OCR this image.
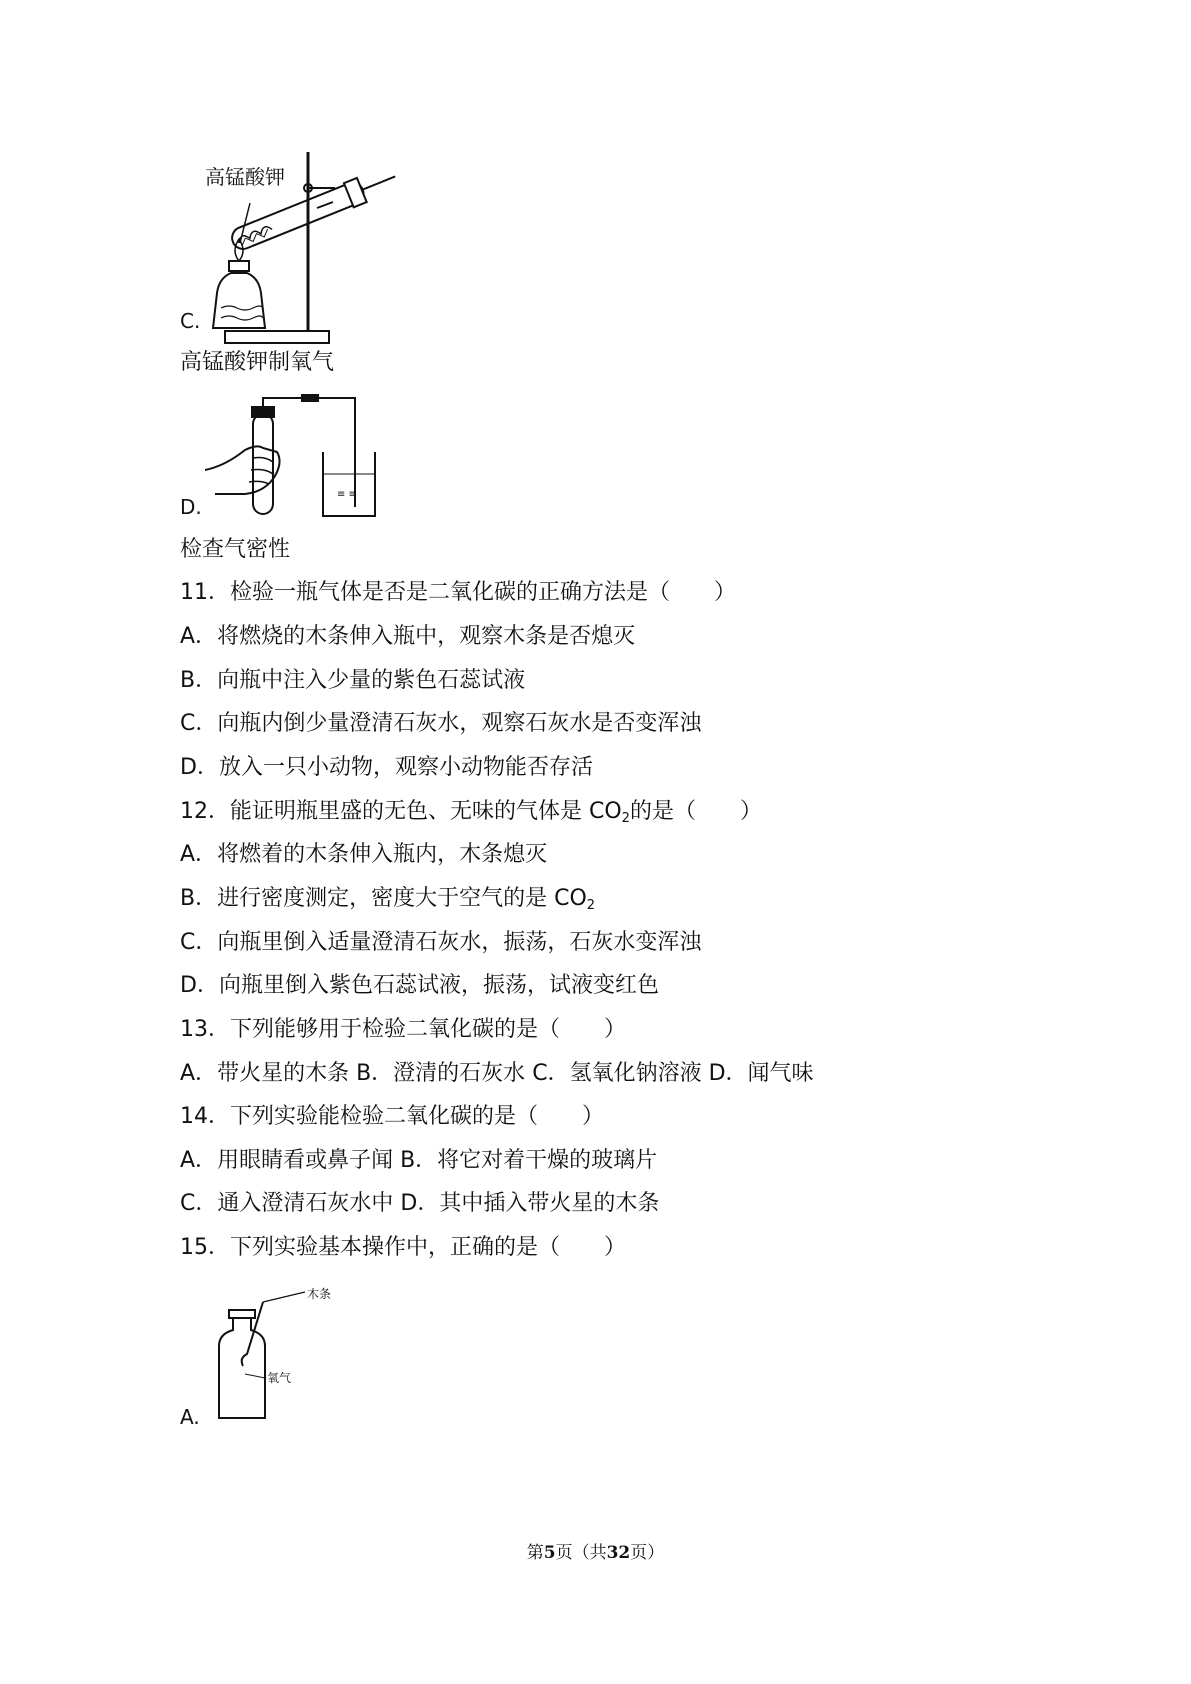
高锰酸钾
C.
高锰酸钾制氧气
≡ ≡
D.
检查气密性
11．检验一瓶气体是否是二氧化碳的正确方法是（　　）
A．将燃烧的木条伸入瓶中，观察木条是否熄灭
B．向瓶中注入少量的紫色石蕊试液
C．向瓶内倒少量澄清石灰水，观察石灰水是否变浑浊
D．放入一只小动物，观察小动物能否存活
12．能证明瓶里盛的无色、无味的气体是 $CO_2$的是（　　）
A．将燃着的木条伸入瓶内，木条熄灭
B．进行密度测定，密度大于空气的是 $CO_2$
C．向瓶里倒入适量澄清石灰水，振荡，石灰水变浑浊
D．向瓶里倒入紫色石蕊试液，振荡，试液变红色
13．下列能够用于检验二氧化碳的是（　　）
A．带火星的木条 B．澄清的石灰水 C．氢氧化钠溶液 D．闻气味
14．下列实验能检验二氧化碳的是（　　）
A．用眼睛看或鼻子闻 B．将它对着干燥的玻璃片
C．通入澄清石灰水中 D．其中插入带火星的木条
15．下列实验基本操作中，正确的是（　　）
木条
氧气
A.
第5页（共32页）
